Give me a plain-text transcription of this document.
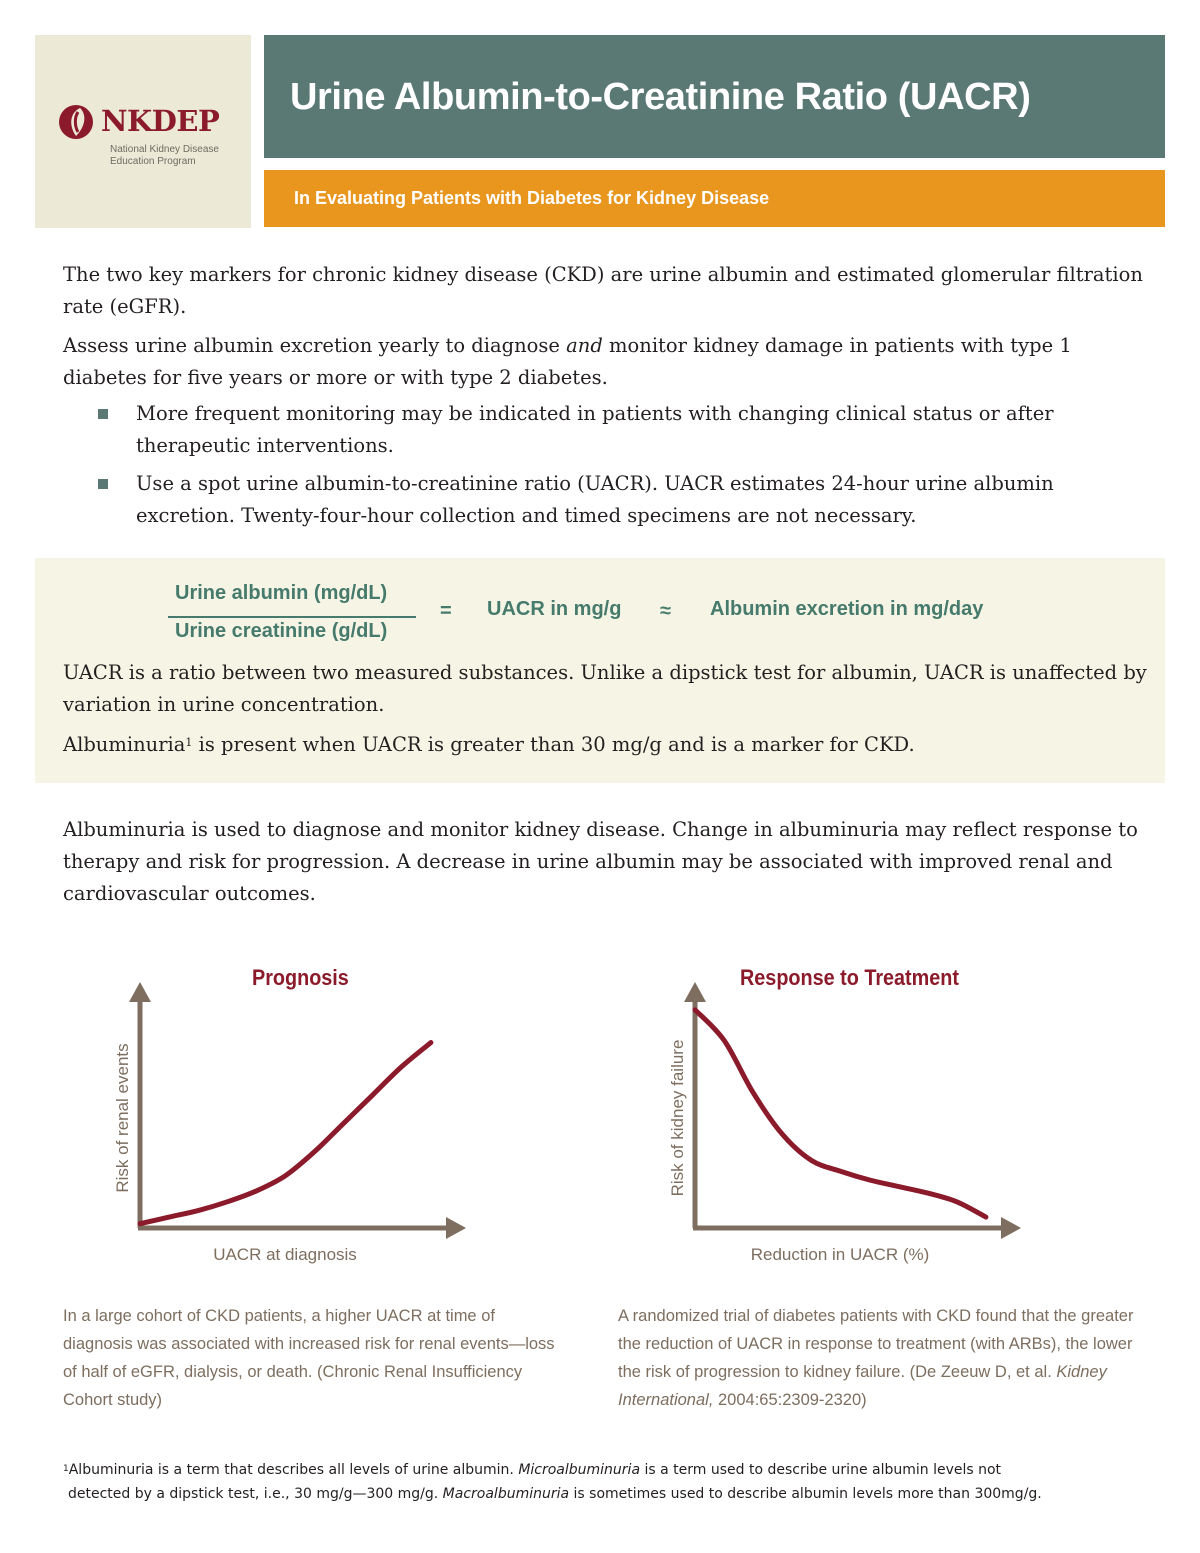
NKDEP
National Kidney Disease
Education Program
Urine Albumin-to-Creatinine Ratio (UACR)
In Evaluating Patients with Diabetes for Kidney Disease

The two key markers for chronic kidney disease (CKD) are urine albumin and estimated glomerular filtration rate (eGFR).

Assess urine albumin excretion yearly to diagnose and monitor kidney damage in patients with type 1 diabetes for five years or more or with type 2 diabetes.

More frequent monitoring may be indicated in patients with changing clinical status or after therapeutic interventions.
Use a spot urine albumin-to-creatinine ratio (UACR). UACR estimates 24-hour urine albumin excretion. Twenty-four-hour collection and timed specimens are not necessary.
Urine albumin (mg/dL)
Urine creatinine (g/dL)
= UACR in mg/g ≈ Albumin excretion in mg/day

UACR is a ratio between two measured substances. Unlike a dipstick test for albumin, UACR is unaffected by variation in urine concentration.

Albuminuria$^1$ is present when UACR is greater than 30 mg/g and is a marker for CKD.

Albuminuria is used to diagnose and monitor kidney disease. Change in albuminuria may reflect response to therapy and risk for progression. A decrease in urine albumin may be associated with improved renal and cardiovascular outcomes.

Prognosis	Response to Treatment
UACR at diagnosis
Risk of renal events
Reduction in UACR (%)
Risk of kidney failure

In a large cohort of CKD patients, a higher UACR at time of diagnosis was associated with increased risk for renal events—loss of half of eGFR, dialysis, or death. (Chronic Renal Insufficiency Cohort study)

A randomized trial of diabetes patients with CKD found that the greater the reduction of UACR in response to treatment (with ARBs), the lower the risk of progression to kidney failure. (De Zeeuw D, et al. Kidney International, 2004:65:2309-2320)

$^1$Albuminuria is a term that describes all levels of urine albumin. Microalbuminuria is a term used to describe urine albumin levels not
detected by a dipstick test, i.e., 30 mg/g—300 mg/g. Macroalbuminuria is sometimes used to describe albumin levels more than 300mg/g.
